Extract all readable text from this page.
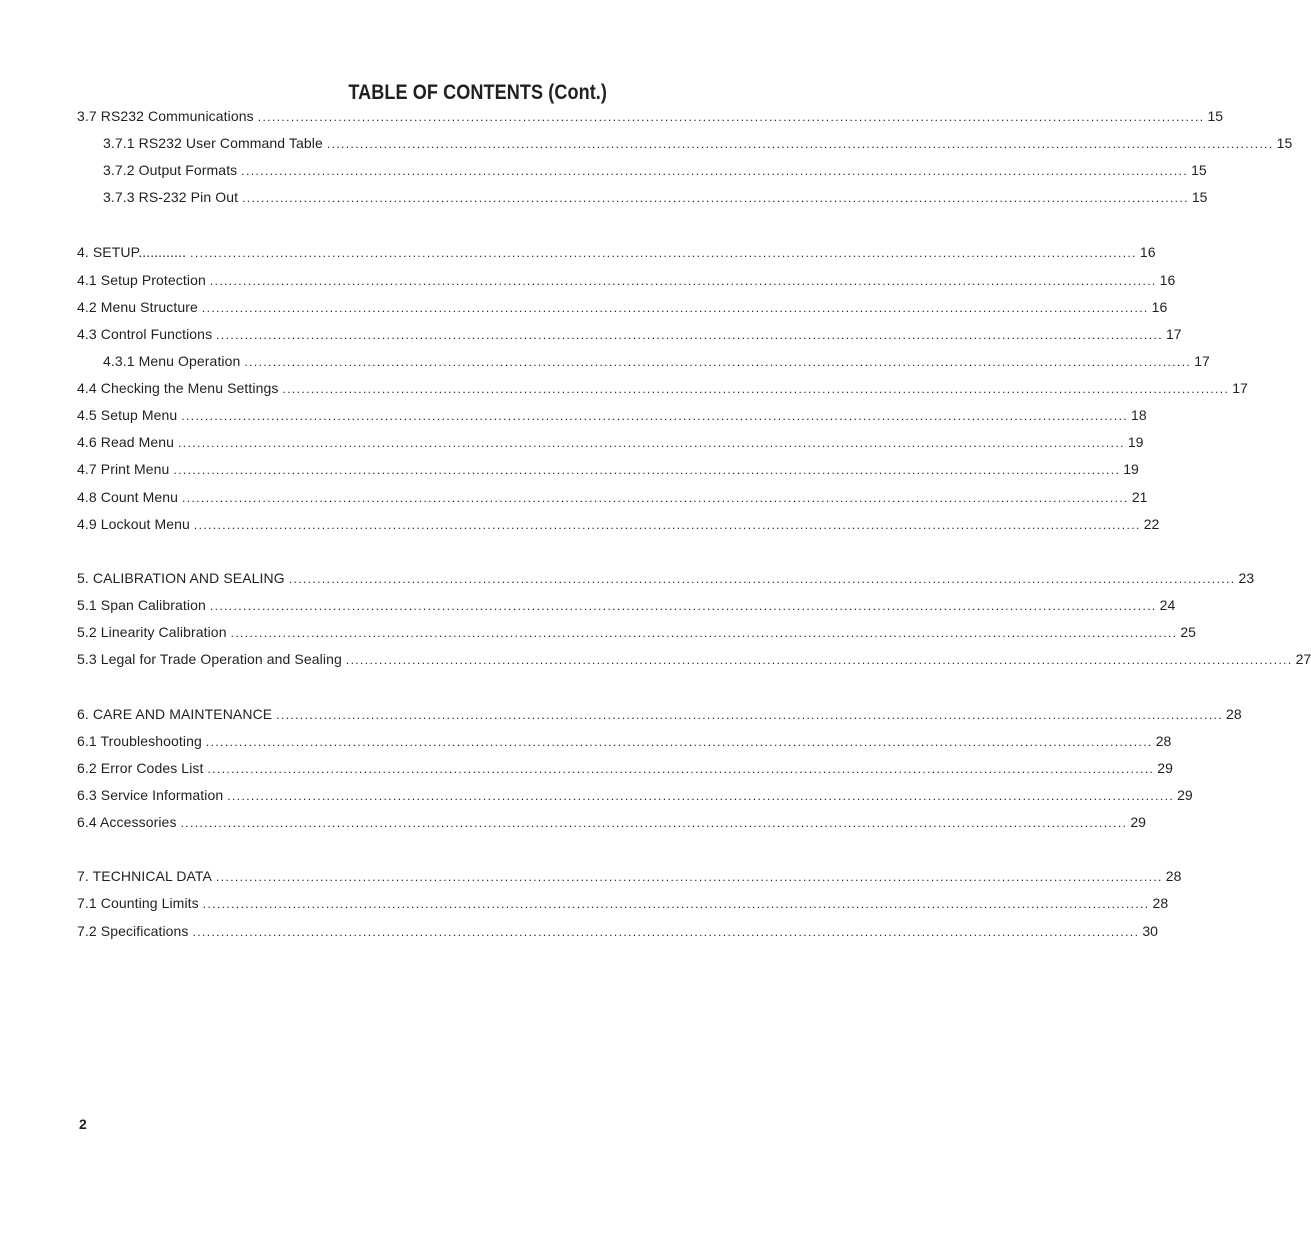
TABLE OF CONTENTS (Cont.)
3.7 RS232 Communications ........................................................................................................................................................................................................ 15
3.7.1 RS232 User Command Table ........................................................................................................................................................................................................ 15
3.7.2 Output Formats ........................................................................................................................................................................................................ 15
3.7.3 RS-232 Pin Out ........................................................................................................................................................................................................ 15
4. SETUP............ ........................................................................................................................................................................................................ 16
4.1 Setup Protection ........................................................................................................................................................................................................ 16
4.2 Menu Structure ........................................................................................................................................................................................................ 16
4.3 Control Functions ........................................................................................................................................................................................................ 17
4.3.1 Menu Operation ........................................................................................................................................................................................................ 17
4.4 Checking the Menu Settings ........................................................................................................................................................................................................ 17
4.5 Setup Menu ........................................................................................................................................................................................................ 18
4.6 Read Menu ........................................................................................................................................................................................................ 19
4.7 Print Menu ........................................................................................................................................................................................................ 19
4.8 Count Menu ........................................................................................................................................................................................................ 21
4.9 Lockout Menu ........................................................................................................................................................................................................ 22
5. CALIBRATION AND SEALING ........................................................................................................................................................................................................ 23
5.1 Span Calibration ........................................................................................................................................................................................................ 24
5.2 Linearity Calibration ........................................................................................................................................................................................................ 25
5.3 Legal for Trade Operation and Sealing ........................................................................................................................................................................................................ 27
6. CARE AND MAINTENANCE ........................................................................................................................................................................................................ 28
6.1 Troubleshooting ........................................................................................................................................................................................................ 28
6.2 Error Codes List ........................................................................................................................................................................................................ 29
6.3 Service Information ........................................................................................................................................................................................................ 29
6.4 Accessories ........................................................................................................................................................................................................ 29
7. TECHNICAL DATA ........................................................................................................................................................................................................ 28
7.1 Counting Limits ........................................................................................................................................................................................................ 28
7.2 Specifications ........................................................................................................................................................................................................ 30
2
